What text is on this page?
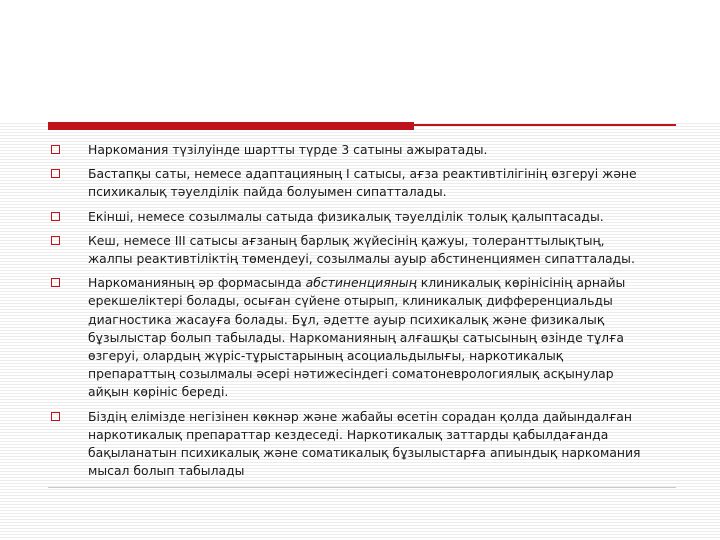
Наркомания түзілуінде шартты түрде 3 сатыны ажыратады.
Бастапқы саты, немесе адаптацияның І сатысы, ағза реактивтілігінің өзгеруі және психикалық тәуелділік пайда болуымен сипатталады.
Екінші, немесе созылмалы сатыда физикалық тәуелділік толық қалыптасады.
Кеш, немесе ІІІ сатысы ағзаның барлық жүйесінің қажуы, толеранттылықтың, жалпы реактивтіліктің төмендеуі, созылмалы ауыр абстиненциямен сипатталады.
Наркоманияның әр формасында абстиненцияның клиникалық көрінісінің арнайы ерекшеліктері болады, осыған сүйене отырып, клиникалық дифференциальды диагностика жасауға болады. Бұл, әдетте ауыр психикалық және физикалық бұзылыстар болып табылады. Наркоманияның алғашқы сатысының өзінде тұлға өзгеруі, олардың жүріс-тұрыстарының асоциальдылығы, наркотикалық препараттың созылмалы әсері нәтижесіндегі соматоневрологиялық асқынулар айқын көрініс береді.
Біздің елімізде негізінен көкнәр және жабайы өсетін сорадан қолда дайындалған наркотикалық препараттар кездеседі. Наркотикалық заттарды қабылдағанда бақыланатын психикалық және соматикалық бұзылыстарға апиындық наркомания мысал болып табылады
